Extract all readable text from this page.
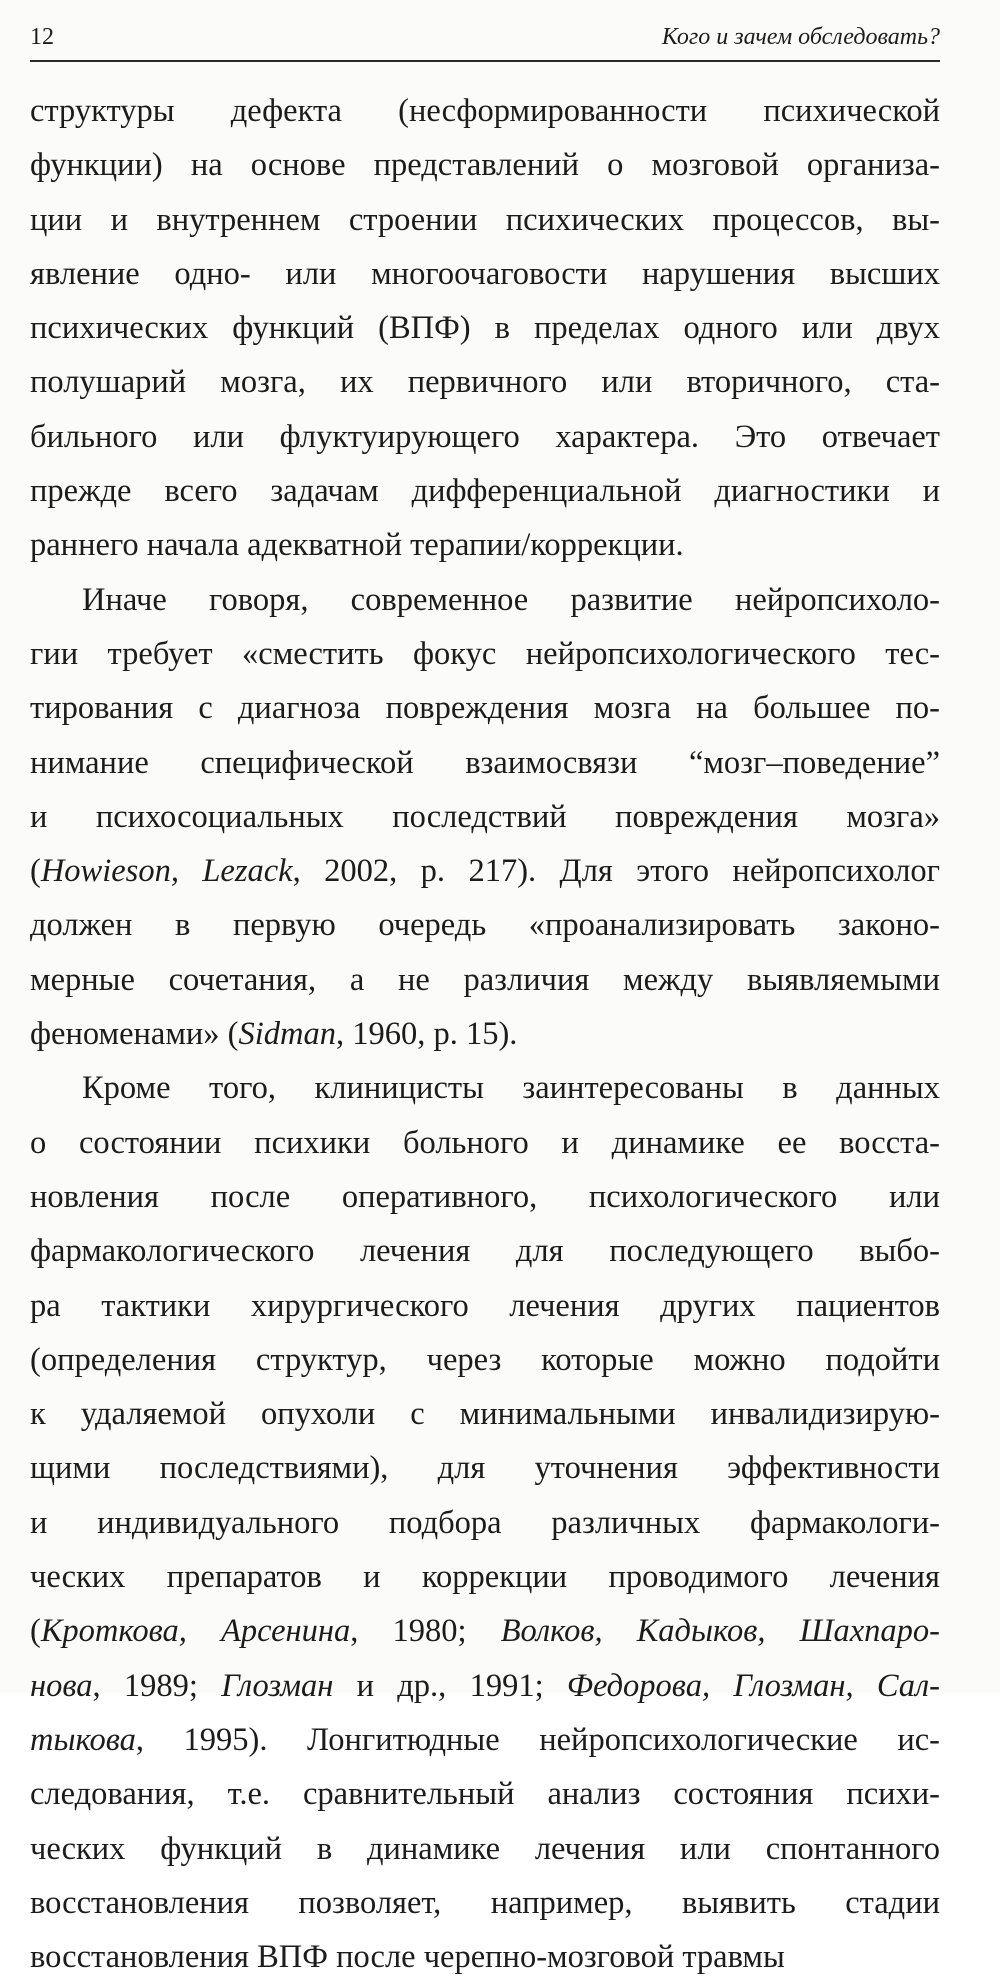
12	Кого и зачем обследовать?
структуры дефекта (несформированности психической
функции) на основе представлений о мозговой организа-
ции и внутреннем строении психических процессов, вы-
явление одно- или многоочаговости нарушения высших
психических функций (ВПФ) в пределах одного или двух
полушарий мозга, их первичного или вторичного, ста-
бильного или флуктуирующего характера. Это отвечает
прежде всего задачам дифференциальной диагностики и
раннего начала адекватной терапии/коррекции.
Иначе говоря, современное развитие нейропсихоло-
гии требует «сместить фокус нейропсихологического тес-
тирования с диагноза повреждения мозга на большее по-
нимание специфической взаимосвязи “мозг–поведение”
и психосоциальных последствий повреждения мозга»
(Howieson, Lezack, 2002, p. 217). Для этого нейропсихолог
должен в первую очередь «проанализировать законо-
мерные сочетания, а не различия между выявляемыми
феноменами» (Sidman, 1960, p. 15).
Кроме того, клиницисты заинтересованы в данных
о состоянии психики больного и динамике ее восста-
новления после оперативного, психологического или
фармакологического лечения для последующего выбо-
ра тактики хирургического лечения других пациентов
(определения структур, через которые можно подойти
к удаляемой опухоли с минимальными инвалидизирую-
щими последствиями), для уточнения эффективности
и индивидуального подбора различных фармакологи-
ческих препаратов и коррекции проводимого лечения
(Кроткова, Арсенина, 1980; Волков, Кадыков, Шахпаро-
нова, 1989; Глозман и др., 1991; Федорова, Глозман, Сал-
тыкова, 1995). Лонгитюдные нейропсихологические ис-
следования, т.е. сравнительный анализ состояния психи-
ческих функций в динамике лечения или спонтанного
восстановления позволяет, например, выявить стадии
восстановления ВПФ после черепно-мозговой травмы
